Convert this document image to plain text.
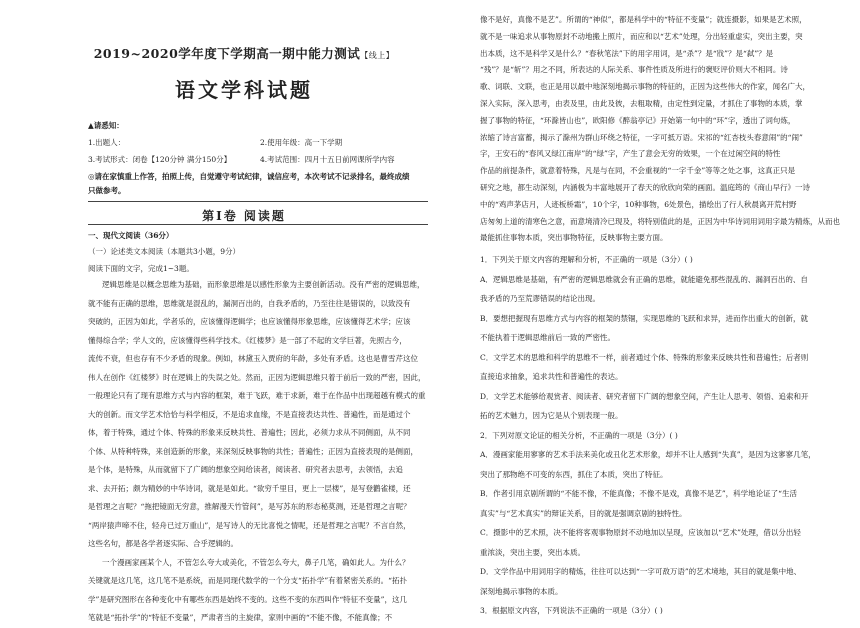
2019~2020学年度下学期高一期中能力测试【线上】
语文学科试题
▲请悉知：
1.出题人：	2.使用年级：高一下学期
3.考试形式：闭卷【120分钟 满分150分】	4.考试范围：四月十五日前网课所学内容
◎请在家慎重上作答，拍照上传，自觉遵守考试纪律，诚信应考，本次考试不记录排名，最终成绩
只做参考。
第Ⅰ卷 阅读题
一、现代文阅读（36分）
（一）论述类文本阅读（本题共3小题，9分）
阅读下面的文字，完成1~3题。
逻辑思维是以概念思维为基础，而形象思维是以感性形象为主要创新活动。没有严密的逻辑思维，
就不能有正确的思维，思维就是混乱的，漏洞百出的，自我矛盾的，乃至往往是错误的，以致没有
突破的，正因为如此，学者乐的，应该懂得逻辑学；也应该懂得形象思维，应该懂得艺术学；应该
懂得综合学；学人文的，应该懂得些科学技术。《红楼梦》是一部了不起的文学巨著，先照古今，
流传不衰，但也存有不少矛盾的现象。例如，林黛玉入贾府的年龄，多处有矛盾。这也是曹雪芹这位
伟人在创作《红楼梦》时在逻辑上的失误之处。然而，正因为逻辑思维只着于前后一致的严密，因此，
一般理论只有了现有思维方式与内容的框架，难于飞跃，难于求新，难于在作品中出现超越有模式的重
大的创新。而文学艺术恰恰与科学相反，不是追求血缘，不是直接表达共性、普遍性，而是通过个
体，着于特殊，通过个体、特殊的形象来反映共性、普遍性；因此，必须力求从不同侧面，从不同
个体、从特种特殊，来创造新的形象，来深刻反映事物的共性；普遍性；正因为直接表现的是侧面，
是个体，是特殊，从而就留下了广阔的想象空间给读者，阅读者、研究者去思考，去领悟，去追
求、去开拓；颇为精妙的中华诗词，就是是如此。“欲穷千里目，更上一层楼”，是写登鹳雀楼，还
是哲理之言呢？“拖把镜面无穷意，推解漫天竹管间”，是写苏东的形态秘莫测，还是哲理之言呢？
“两岸猿声啼不住，轻舟已过万重山”，是写诗人的无比喜悦之情呢，还是哲理之言呢？不言自然，
这些名句，都是各学者逐实际、合乎逻辑的。
一个漫画家画某个人，不管怎么夸大或美化，不管怎么夸大，鼻子几笔，确如此人。为什么？
关键就是这几笔，这几笔不是系统，而是同现代数学的一个分支“拓扑学”有着紧密关系的。“拓扑
学”是研究图形在各种变化中有哪些东西是始终不变的。这些不变的东西叫作“特征不变量”，这几
笔就是“拓扑学”的“特征不变量”，严肃者当的主旋律，家则中画的“不能不像，不能真像；不
像不是好，真像不是艺”。所谓的“神似”，都是科学中的“特征不变量”；就连摄影，如果是艺术照，
就不是一味追求从事物原封不动地搬上照片，而应和以“艺术”处理，分出轻重虚实，突出主要，突
出本质，这不是科学又是什么？“春秋笔法”下的用字用词，是“杀”？是“戕”？是“弑”？是
“残”？是“斩”？用之不同，所表达的人际关系、事件性质及所进行的褒贬评价则大不相同。诗
歌、词联、文联，也正是用以最中地深刻地揭示事物的特征的，正因为这些伟大的作家，闻名广大，
深入实际，深入思考，由表及里，由此及彼，去粗取精，由定性到定量，才抓住了事物的本质，掌
握了事物的特征，“环滁皆山也”，欧阳修《醉翁亭记》开始第一句中的“环”字，透出了词句炼，
浓缩了诗言富蓄，揭示了滁州为群山环绕之特征，一字可抵万语。宋祁的“红杏枝头春意闹”的“闹”
字，王安石的“春风又绿江南岸”的“绿”字，产生了意会无穷的效果，一个在过闲空间的特性
作品的前提条件，就意着特殊，凡是与在同，不会重视的“一字千金”等等之处之事，这真正只是
研究之地，都生动深刻，内涵极为丰富地展开了春天的欣欣向荣的画面。温庭筠的《商山早行》一诗
中的“鸡声茅店月，人迹板桥霜”，10个字，10种事物，6处景色，描绘出了行人秋晨离开荒村野
店匆匆上道的清寒色之意，而意境清冷已现及，将特别值此的是，正因为中华诗词用词用字最为精炼，从而也
最能抓住事物本质，突出事物特征，反映事物主要方面。
1．下列关于原文内容的理解和分析，不正确的一项是（3分）( )
A．逻辑思维是基础，有严密的逻辑思维就会有正确的思维，就能避免那些混乱的、漏洞百出的、自
我矛盾的乃至荒谬错误的结论出现。
B．要想把握现有思维方式与内容的框架的禁锢，实现思维的飞跃和求异，进而作出重大的创新，就
不能执着于逻辑思维前后一致的严密性。
C．文学艺术的思维和科学的思维不一样，前者通过个体、特殊的形象来反映共性和普遍性；后者则
直接追求抽象，追求共性和普遍性的表达。
D．文学艺术能够给观赏者、阅读者、研究者留下广阔的想象空间，产生让人思考、领悟、追索和开
拓的艺术魅力，因为它是从个别表现一般。
2．下列对原文论证的相关分析，不正确的一项是（3分）( )
A．漫画家能用寥寥的艺术手法来美化或丑化艺术形象，却并不让人感到“失真”，是因为这寥寥几笔，
突出了那物绝不可变的东西，抓住了本质，突出了特征。
B．作者引用京剧所谓的“不能不像，不能真像；不像不是戏，真像不是艺”，科学地论证了“生活
真实”与“艺术真实”的辩证关系，目的就是强调京剧的独特性。
C．摄影中的艺术照，决不能将客观事物原封不动地加以呈现，应该加以“艺术”处理，借以分出轻
重浓淡，突出主要，突出本质。
D．文学作品中用词用字的精炼，往往可以达到“一字可敌万语”的艺术境地，其目的就是集中地、
深刻地揭示事物的本质。
3．根据原文内容，下列说法不正确的一项是（3分）( )
